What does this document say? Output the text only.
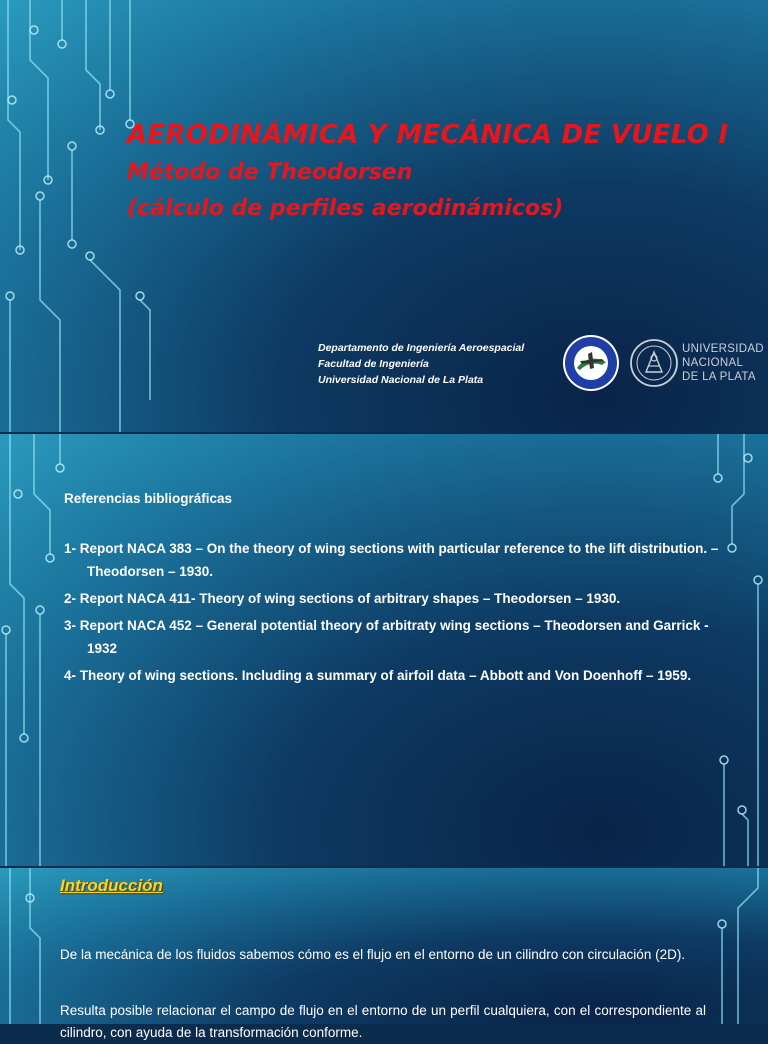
AERODINÁMICA Y MECÁNICA DE VUELO I
Método de Theodorsen
(cálculo de perfiles aerodinámicos)
Departamento de Ingeniería Aeroespacial
Facultad de Ingeniería
Universidad Nacional de La Plata
UNIVERSIDAD
NACIONAL
DE LA PLATA
Referencias bibliográficas
1- Report NACA 383 – On the theory of wing sections with particular reference to the lift distribution. – Theodorsen – 1930.
2- Report NACA 411- Theory of wing sections of arbitrary shapes – Theodorsen – 1930.
3- Report NACA 452 – General potential theory of arbitraty wing sections – Theodorsen and Garrick - 1932
4- Theory of wing sections. Including a summary of airfoil data – Abbott and Von Doenhoff – 1959.
Introducción

De la mecánica de los fluidos sabemos cómo es el flujo en el entorno de un cilindro con circulación (2D).

Resulta posible relacionar el campo de flujo en el entorno de un perfil cualquiera, con el correspondiente al cilindro, con ayuda de la transformación conforme.
